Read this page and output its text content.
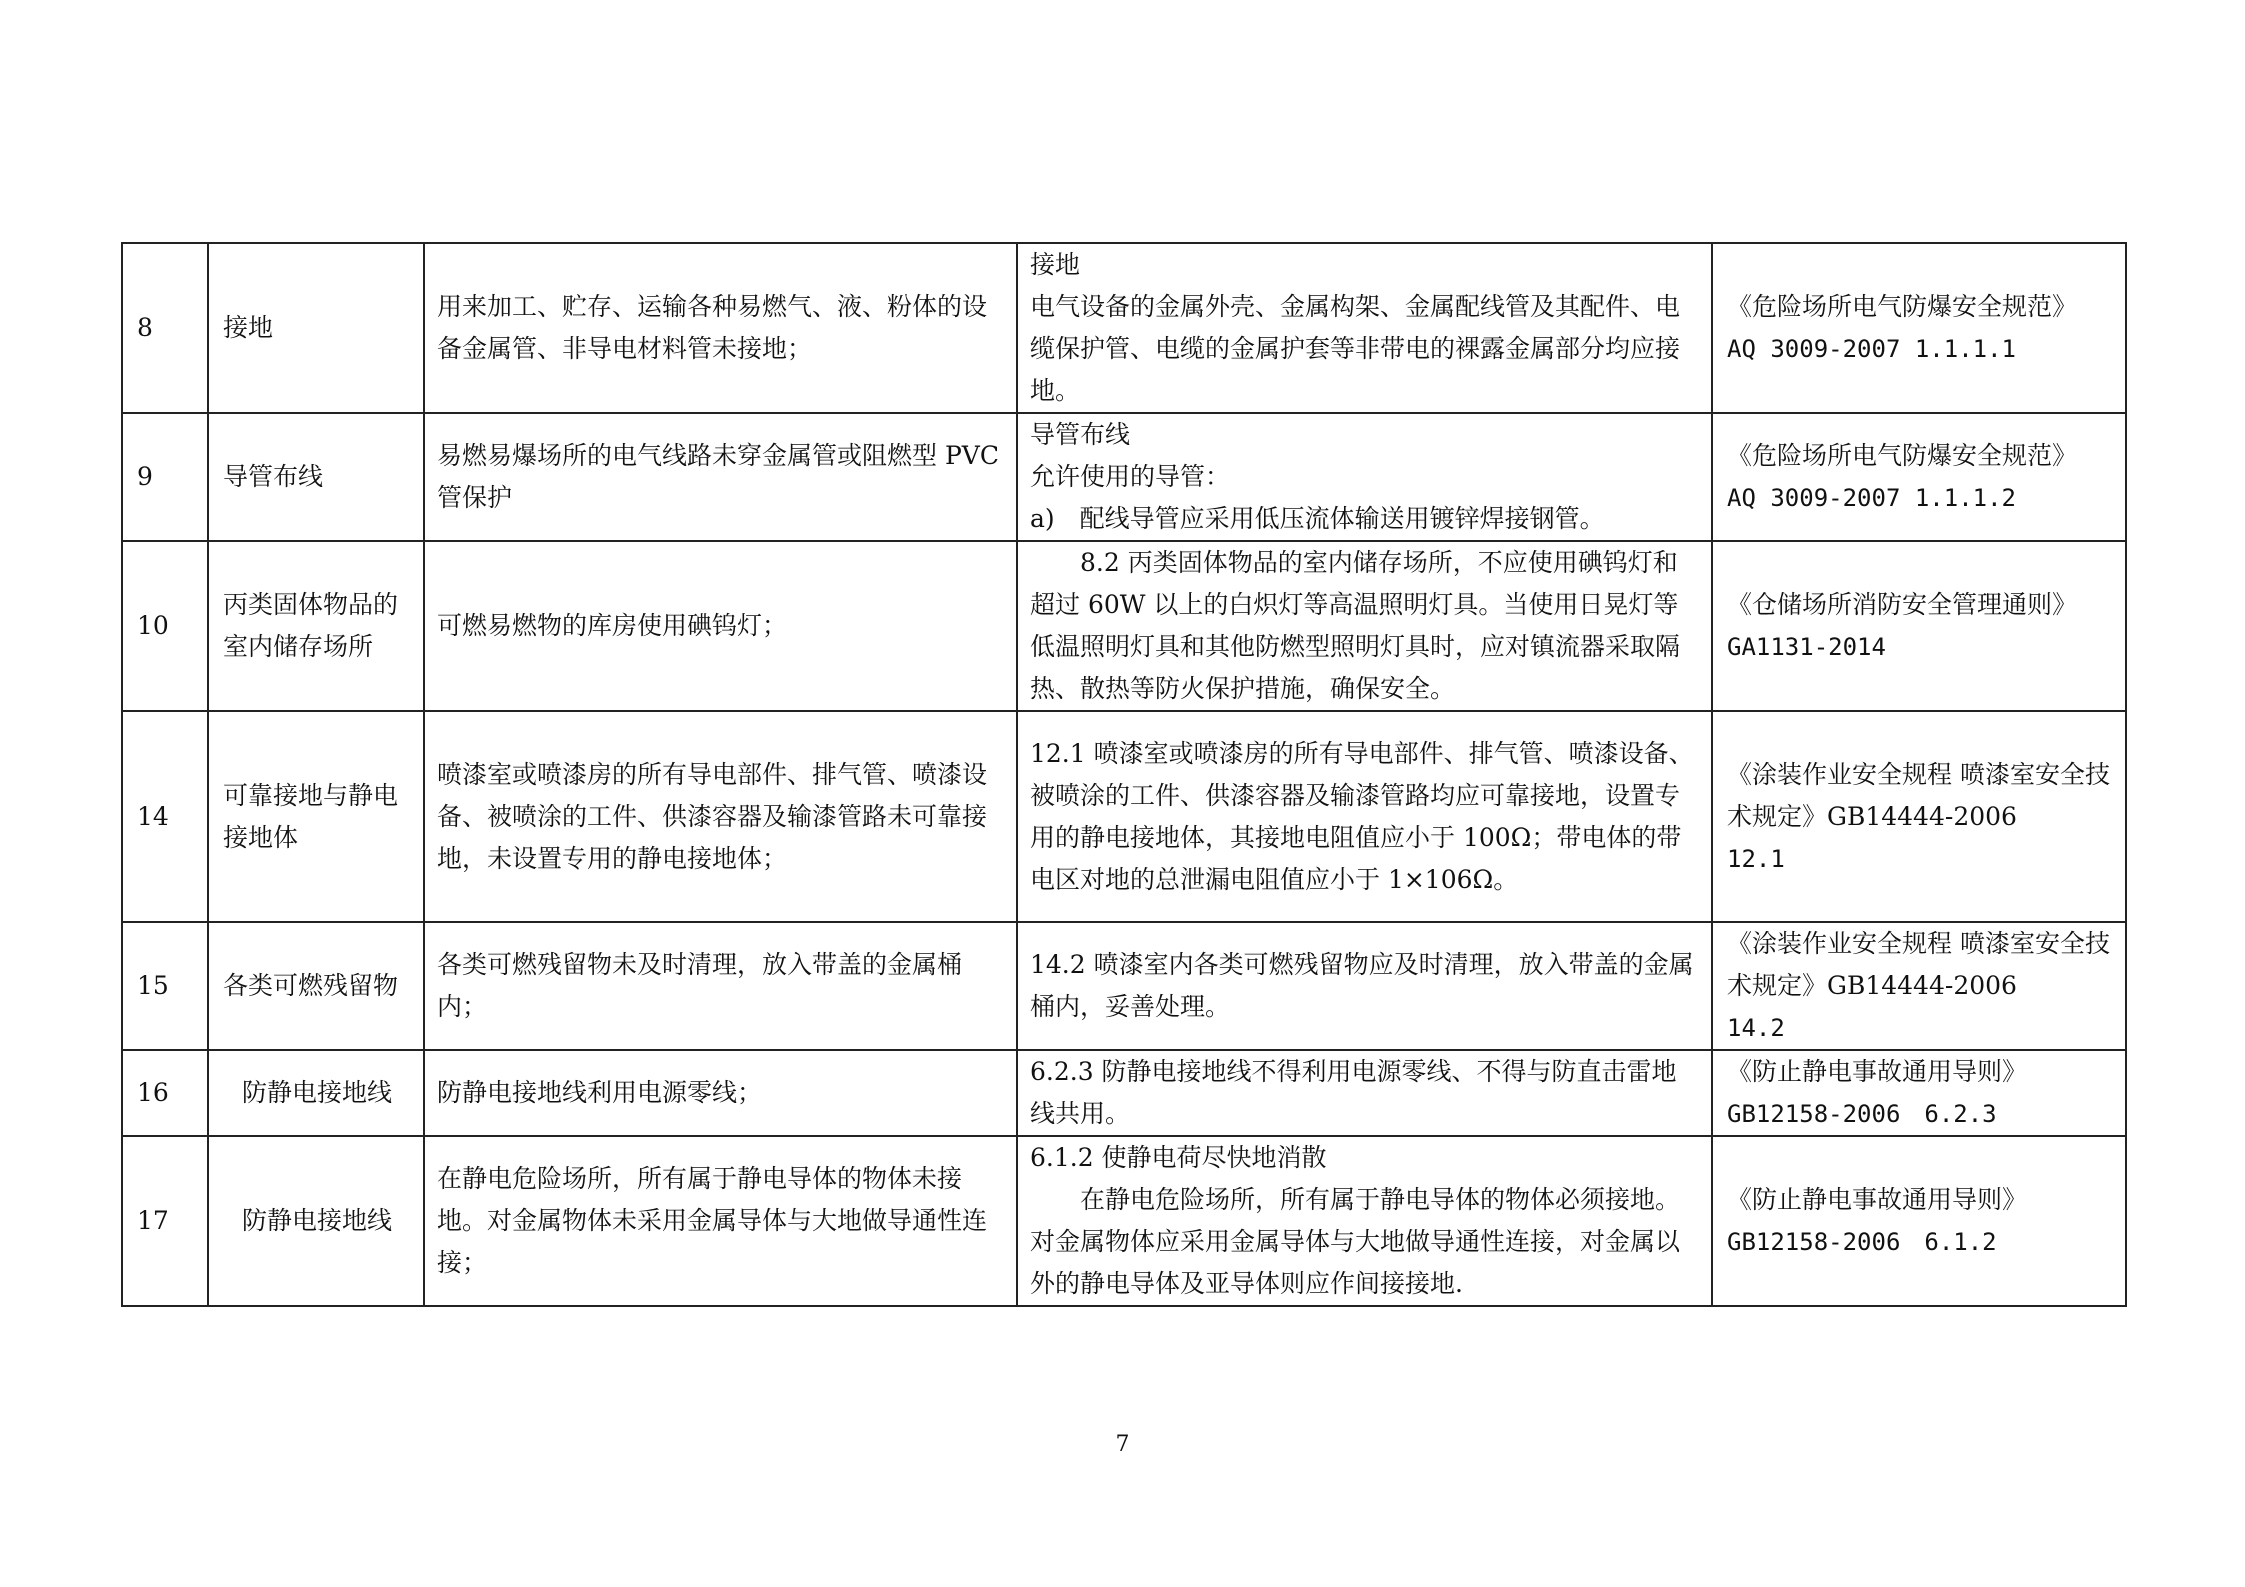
8	接地	用来加工、贮存、运输各种易燃气、液、粉体的设备金属管、非导电材料管未接地；	接地
电气设备的金属外壳、金属构架、金属配线管及其配件、电缆保护管、电缆的金属护套等非带电的裸露金属部分均应接地。	《危险场所电气防爆安全规范》
AQ 3009-2007 1.1.1.1

9	导管布线	易燃易爆场所的电气线路未穿金属管或阻燃型 PVC 管保护	导管布线
允许使用的导管：
a)　配线导管应采用低压流体输送用镀锌焊接钢管。	《危险场所电气防爆安全规范》
AQ 3009-2007 1.1.1.2

10	丙类固体物品的室内储存场所	可燃易燃物的库房使用碘钨灯；	8.2 丙类固体物品的室内储存场所，不应使用碘钨灯和超过 60W 以上的白炽灯等高温照明灯具。当使用日晃灯等低温照明灯具和其他防燃型照明灯具时，应对镇流器采取隔热、散热等防火保护措施，确保安全。	《仓储场所消防安全管理通则》
GA1131-2014

14	可靠接地与静电接地体	喷漆室或喷漆房的所有导电部件、排气管、喷漆设备、被喷涂的工件、供漆容器及输漆管路未可靠接地，未设置专用的静电接地体；	12.1 喷漆室或喷漆房的所有导电部件、排气管、喷漆设备、被喷涂的工件、供漆容器及输漆管路均应可靠接地，设置专用的静电接地体，其接地电阻值应小于 100Ω；带电体的带电区对地的总泄漏电阻值应小于 1×106Ω。	《涂装作业安全规程 喷漆室安全技术规定》GB14444-2006
12.1

15	各类可燃残留物	各类可燃残留物未及时清理，放入带盖的金属桶内；	14.2 喷漆室内各类可燃残留物应及时清理，放入带盖的金属桶内，妥善处理。	《涂装作业安全规程 喷漆室安全技术规定》GB14444-2006
14.2

16	防静电接地线	防静电接地线利用电源零线；	6.2.3 防静电接地线不得利用电源零线、不得与防直击雷地线共用。	《防止静电事故通用导则》
GB12158-2006　6.2.3

17	防静电接地线	在静电危险场所，所有属于静电导体的物体未接地。对金属物体未采用金属导体与大地做导通性连接；	6.1.2 使静电荷尽快地消散
在静电危险场所，所有属于静电导体的物体必须接地。对金属物体应采用金属导体与大地做导通性连接，对金属以外的静电导体及亚导体则应作间接接地.	《防止静电事故通用导则》
GB12158-2006　6.1.2
7
